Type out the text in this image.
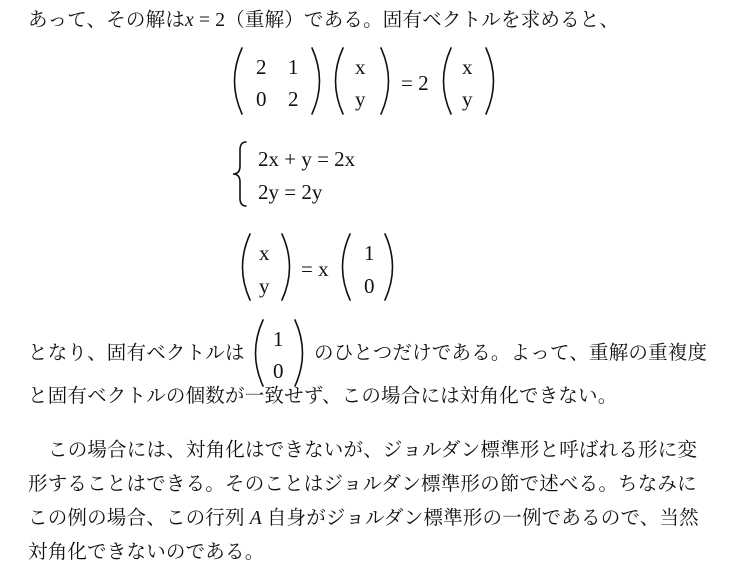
あって、その解はx = 2（重解）である。固有ベクトルを求めると、
2 1
0 2
x
y
= 2
x
y
2x + y = 2x
2y = 2y
x
y
= x
1
0
となり、固有ベクトルは
1
0
のひとつだけである。よって、重解の重複度
と固有ベクトルの個数が一致せず、この場合には対角化できない。
この場合には、対角化はできないが、ジョルダン標準形と呼ばれる形に変
形することはできる。そのことはジョルダン標準形の節で述べる。ちなみに
この例の場合、この行列 A 自身がジョルダン標準形の一例であるので、当然
対角化できないのである。
